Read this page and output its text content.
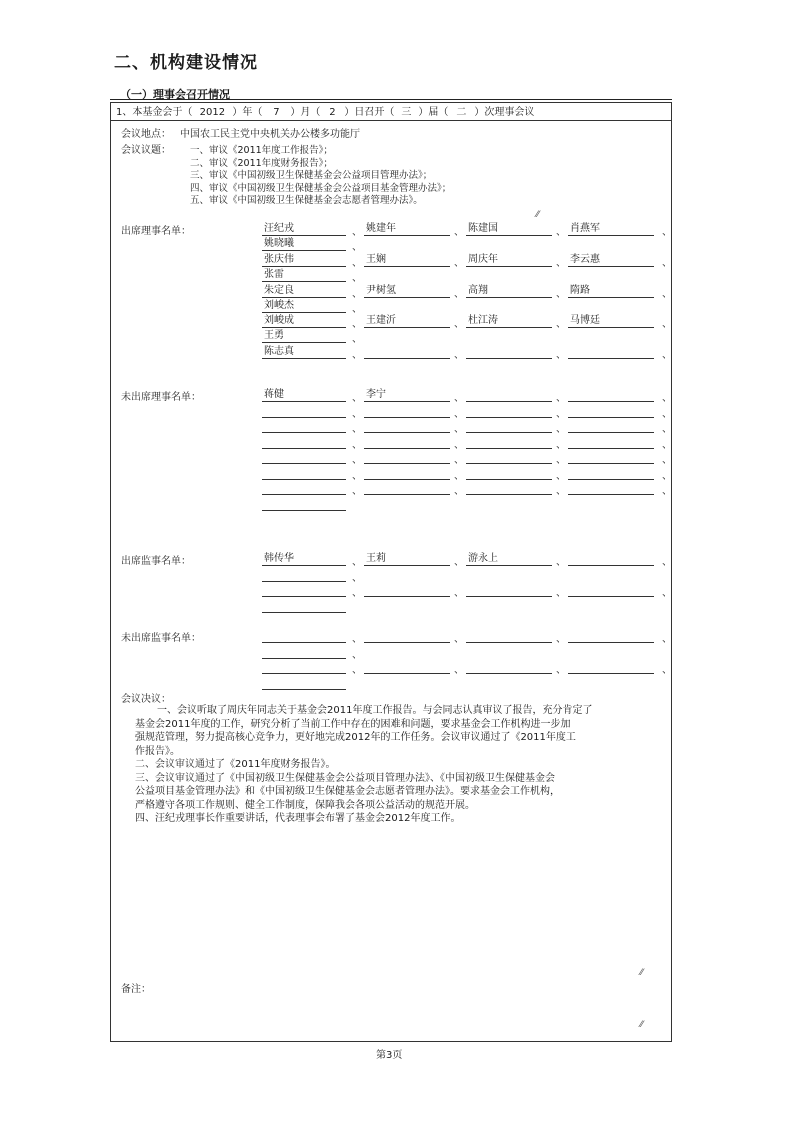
二、机构建设情况
（一）理事会召开情况
1、本基金会于（ 2012 ）年（ 7 ）月（ 2 ）日召开（ 三 ）届（ 二 ）次理事会议
会议地点： 中国农工民主党中央机关办公楼多功能厅
会议议题： 一、审议《2011年度工作报告》；
二、审议《2011年度财务报告》；
三、审议《中国初级卫生保健基金会公益项目管理办法》；
四、审议《中国初级卫生保健基金会公益项目基金管理办法》；
五、审议《中国初级卫生保健基金会志愿者管理办法》。
⁄⁄
出席理事名单：
未出席理事名单：
出席监事名单：
未出席监事名单：
汪纪戎	、 姚建年	、 陈建国	、 肖燕军	、
姚晓曦	、
张庆伟	、 王娴	、 周庆年	、 李云惠	、
张雷	、
朱定良	、 尹树氢	、 高翔	、 隋路	、
刘峻杰	、
刘峻成	、 王建沂	、 杜江涛	、 马博廷	、
王勇	、
陈志真	、	、	、	、
蒋健	、 李宁	、	、	、
、	、	、	、
、	、	、	、
、	、	、	、
、	、	、	、
、	、	、	、
、	、	、	、
韩传华	、 王莉	、 游永上	、	、
、
、	、	、	、
、	、	、	、
、
、	、	、	、
会议决议：
一、会议听取了周庆年同志关于基金会2011年度工作报告。与会同志认真审议了报告，充分肯定了
基金会2011年度的工作，研究分析了当前工作中存在的困难和问题，要求基金会工作机构进一步加
强规范管理，努力提高核心竞争力，更好地完成2012年的工作任务。会议审议通过了《2011年度工
作报告》。
二、会议审议通过了《2011年度财务报告》。
三、会议审议通过了《中国初级卫生保健基金会公益项目管理办法》、《中国初级卫生保健基金会
公益项目基金管理办法》和《中国初级卫生保健基金会志愿者管理办法》。要求基金会工作机构，
严格遵守各项工作规则、健全工作制度，保障我会各项公益活动的规范开展。
四、汪纪戎理事长作重要讲话，代表理事会布署了基金会2012年度工作。
⁄⁄
备注：
⁄⁄
第3页
